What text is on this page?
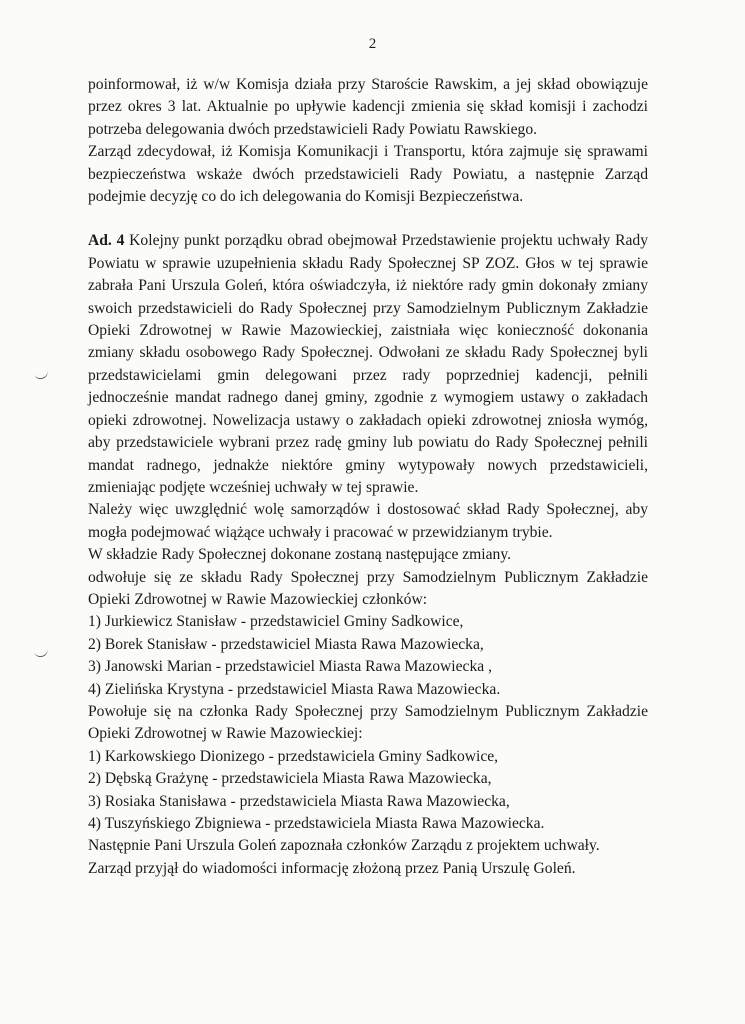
2

poinformował, iż w/w Komisja działa przy Staroście Rawskim, a jej skład obowiązuje przez okres 3 lat. Aktualnie po upływie kadencji zmienia się skład komisji i zachodzi potrzeba delegowania dwóch przedstawicieli Rady Powiatu Rawskiego.

Zarząd zdecydował, iż Komisja Komunikacji i Transportu, która zajmuje się sprawami bezpieczeństwa wskaże dwóch przedstawicieli Rady Powiatu, a następnie Zarząd podejmie decyzję co do ich delegowania do Komisji Bezpieczeństwa.

Ad. 4 Kolejny punkt porządku obrad obejmował Przedstawienie projektu uchwały Rady Powiatu w sprawie uzupełnienia składu Rady Społecznej SP ZOZ. Głos w tej sprawie zabrała Pani Urszula Goleń, która oświadczyła, iż niektóre rady gmin dokonały zmiany swoich przedstawicieli do Rady Społecznej przy Samodzielnym Publicznym Zakładzie Opieki Zdrowotnej w Rawie Mazowieckiej, zaistniała więc konieczność dokonania zmiany składu osobowego Rady Społecznej. Odwołani ze składu Rady Społecznej byli przedstawicielami gmin delegowani przez rady poprzedniej kadencji, pełnili jednocześnie mandat radnego danej gminy, zgodnie z wymogiem ustawy o zakładach opieki zdrowotnej. Nowelizacja ustawy o zakładach opieki zdrowotnej zniosła wymóg, aby przedstawiciele wybrani przez radę gminy lub powiatu do Rady Społecznej pełnili mandat radnego, jednakże niektóre gminy wytypowały nowych przedstawicieli, zmieniając podjęte wcześniej uchwały w tej sprawie.

Należy więc uwzględnić wolę samorządów i dostosować skład Rady Społecznej, aby mogła podejmować wiążące uchwały i pracować w przewidzianym trybie.

W składzie Rady Społecznej dokonane zostaną następujące zmiany.

odwołuje się ze składu Rady Społecznej przy Samodzielnym Publicznym Zakładzie Opieki Zdrowotnej w Rawie Mazowieckiej członków:

1) Jurkiewicz Stanisław - przedstawiciel Gminy Sadkowice,
2) Borek Stanisław - przedstawiciel Miasta Rawa Mazowiecka,
3) Janowski Marian - przedstawiciel Miasta Rawa Mazowiecka ,
4) Zielińska Krystyna - przedstawiciel Miasta Rawa Mazowiecka.

Powołuje się na członka Rady Społecznej przy Samodzielnym Publicznym Zakładzie Opieki Zdrowotnej w Rawie Mazowieckiej:

1) Karkowskiego Dionizego - przedstawiciela Gminy Sadkowice,
2) Dębską Grażynę - przedstawiciela Miasta Rawa Mazowiecka,
3) Rosiaka Stanisława - przedstawiciela Miasta Rawa Mazowiecka,
4) Tuszyńskiego Zbigniewa - przedstawiciela Miasta Rawa Mazowiecka.

Następnie Pani Urszula Goleń zapoznała członków Zarządu z projektem uchwały.

Zarząd przyjął do wiadomości informację złożoną przez Panią Urszulę Goleń.
